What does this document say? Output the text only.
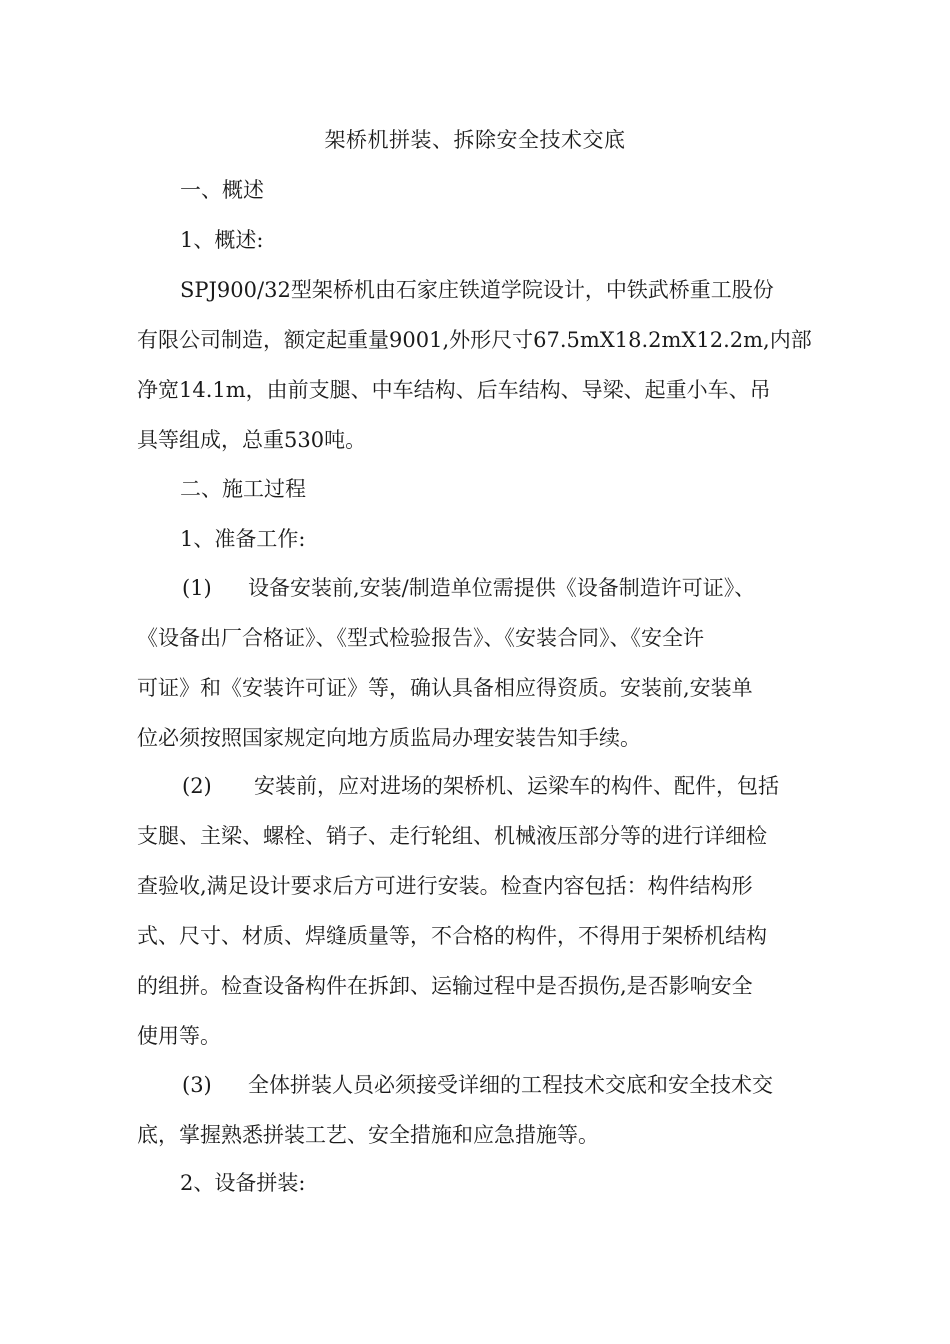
架桥机拼装、拆除安全技术交底

一、概述

1、概述:

SPJ900/32型架桥机由石家庄铁道学院设计，中铁武桥重工股份
有限公司制造，额定起重量9001,外形尺寸67.5mX18.2mX12.2m,内部
净宽14.1m，由前支腿、中车结构、后车结构、导梁、起重小车、吊
具等组成，总重530吨。

二、施工过程

1、准备工作:

(1) 设备安装前,安装/制造单位需提供《设备制造许可证》、
《设备出厂合格证》、《型式检验报告》、《安装合同》、《安全许
可证》和《安装许可证》等，确认具备相应得资质。安装前,安装单
位必须按照国家规定向地方质监局办理安装告知手续。
(2) 安装前，应对进场的架桥机、运梁车的构件、配件，包括
支腿、主梁、螺栓、销子、走行轮组、机械液压部分等的进行详细检
查验收,满足设计要求后方可进行安装。检查内容包括：构件结构形
式、尺寸、材质、焊缝质量等，不合格的构件，不得用于架桥机结构
的组拼。检查设备构件在拆卸、运输过程中是否损伤,是否影响安全
使用等。
(3) 全体拼装人员必须接受详细的工程技术交底和安全技术交
底，掌握熟悉拼装工艺、安全措施和应急措施等。

2、设备拼装:
